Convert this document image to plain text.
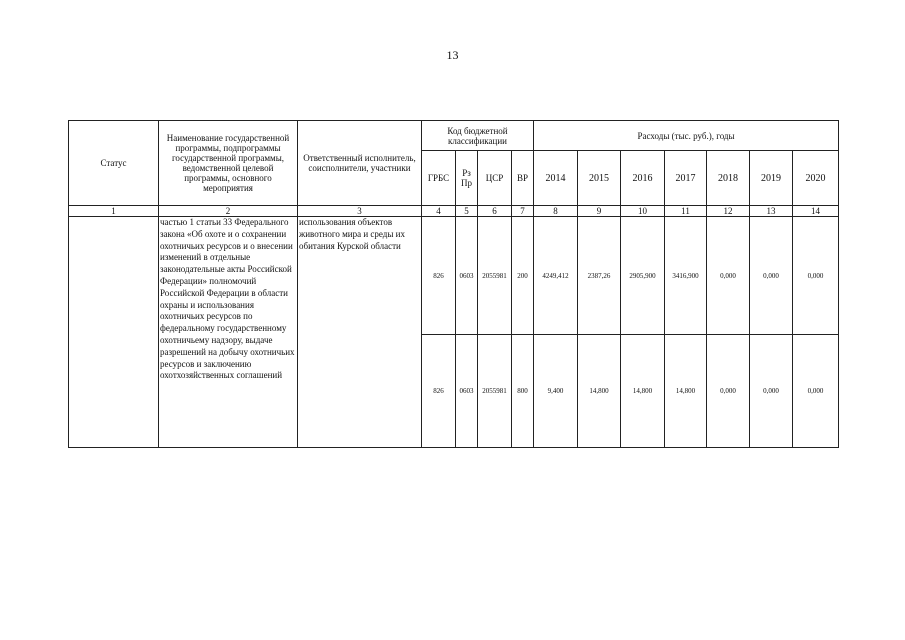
13
Статус	Наименование государственной программы, подпрограммы государственной программы, ведомственной целевой программы, основного мероприятия	Ответственный исполнитель, соисполнители, участники	Код бюджетной классификации				Расходы (тыс. руб.), годы						
			ГРБС	Рз Пр	ЦСР	ВР	2014	2015	2016	2017	2018	2019	2020
1	2	3	4	5	6	7	8	9	10	11	12	13	14
	частью 1 статьи 33 Федерального закона «Об охоте и о сохранении охотничьих ресурсов и о внесении изменений в отдельные законодательные акты Российской Федерации» полномочий Российской Федерации в области охраны и использования охотничьих ресурсов по федеральному государственному охотничьему надзору, выдаче разрешений на добычу охотничьих ресурсов и заключению охотхозяйственных соглашений	использования объектов животного мира и среды их обитания Курской области	826	0603	2055981	200	4249,412	2387,26	2905,900	3416,900	0,000	0,000	0,000
			826	0603	2055981	800	9,400	14,800	14,800	14,800	0,000	0,000	0,000
